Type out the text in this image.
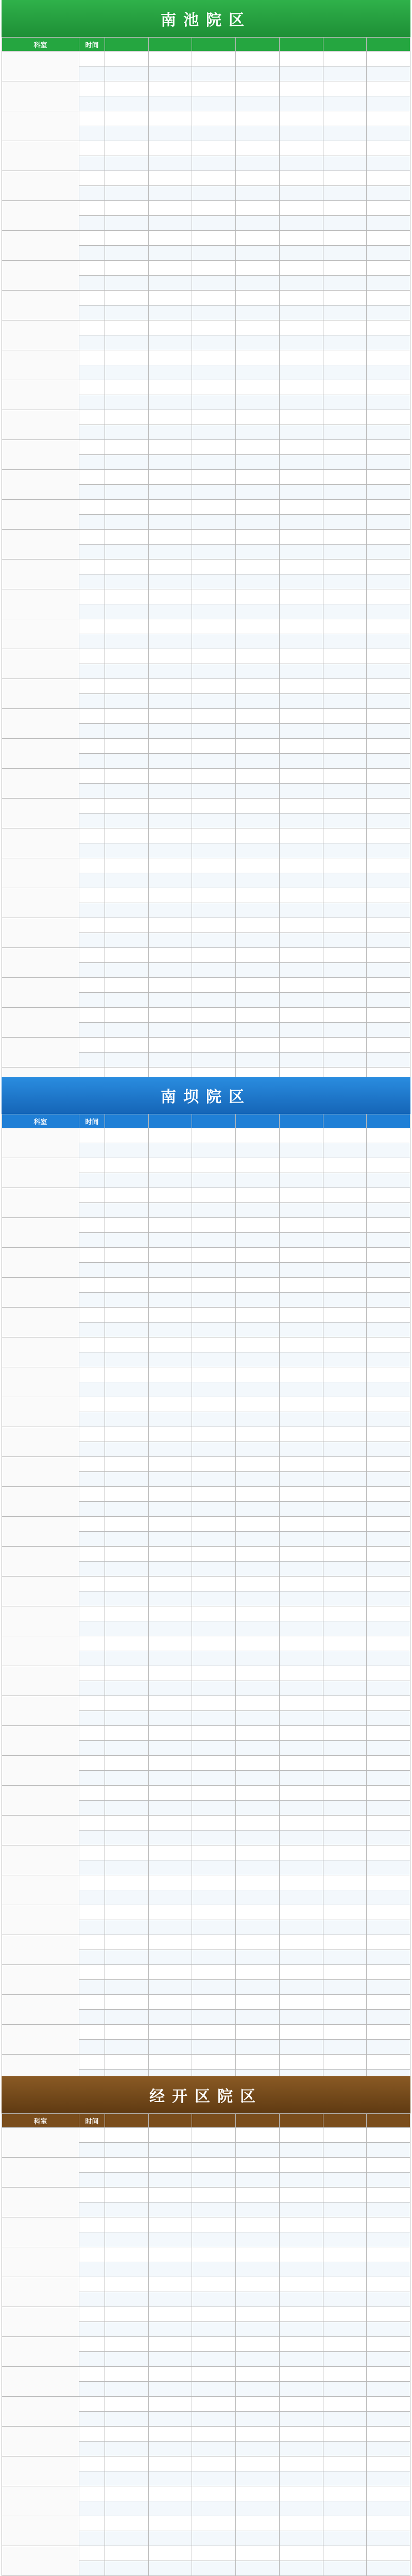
南池院区
科室	时间							

南坝院区
科室	时间							

经开区院区
科室	时间							
